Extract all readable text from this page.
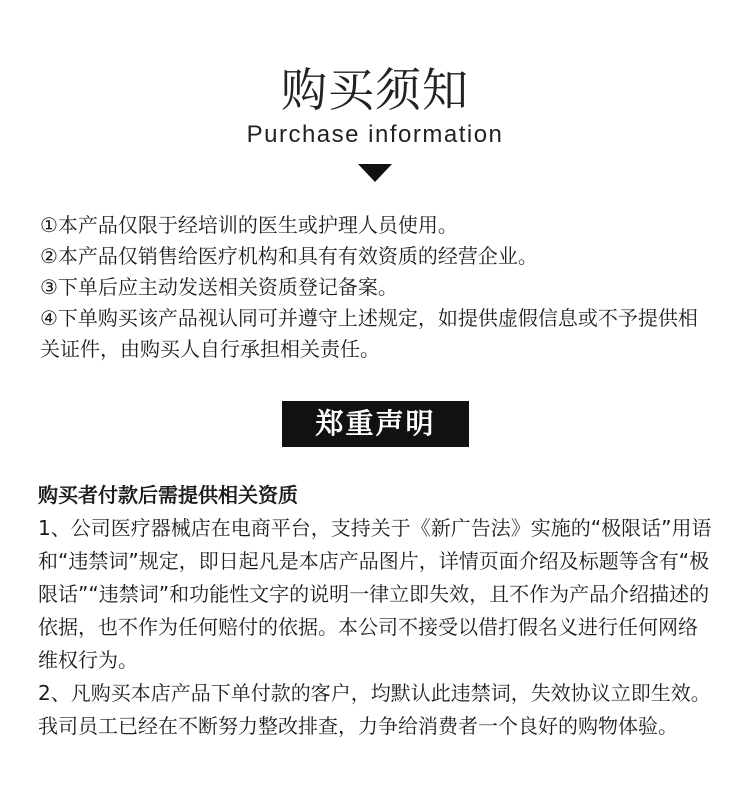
购买须知
Purchase information

①本产品仅限于经培训的医生或护理人员使用。

②本产品仅销售给医疗机构和具有有效资质的经营企业。

③下单后应主动发送相关资质登记备案。

④下单购买该产品视认同可并遵守上述规定，如提供虚假信息或不予提供相关证件，由购买人自行承担相关责任。

郑重声明

购买者付款后需提供相关资质

1、公司医疗器械店在电商平台，支持关于《新广告法》实施的“极限话”用语和“违禁词”规定，即日起凡是本店产品图片，详情页面介绍及标题等含有“极限话”“违禁词”和功能性文字的说明一律立即失效，且不作为产品介绍描述的依据，也不作为任何赔付的依据。本公司不接受以借打假名义进行任何网络维权行为。

2、凡购买本店产品下单付款的客户，均默认此违禁词，失效协议立即生效。我司员工已经在不断努力整改排查，力争给消费者一个良好的购物体验。
